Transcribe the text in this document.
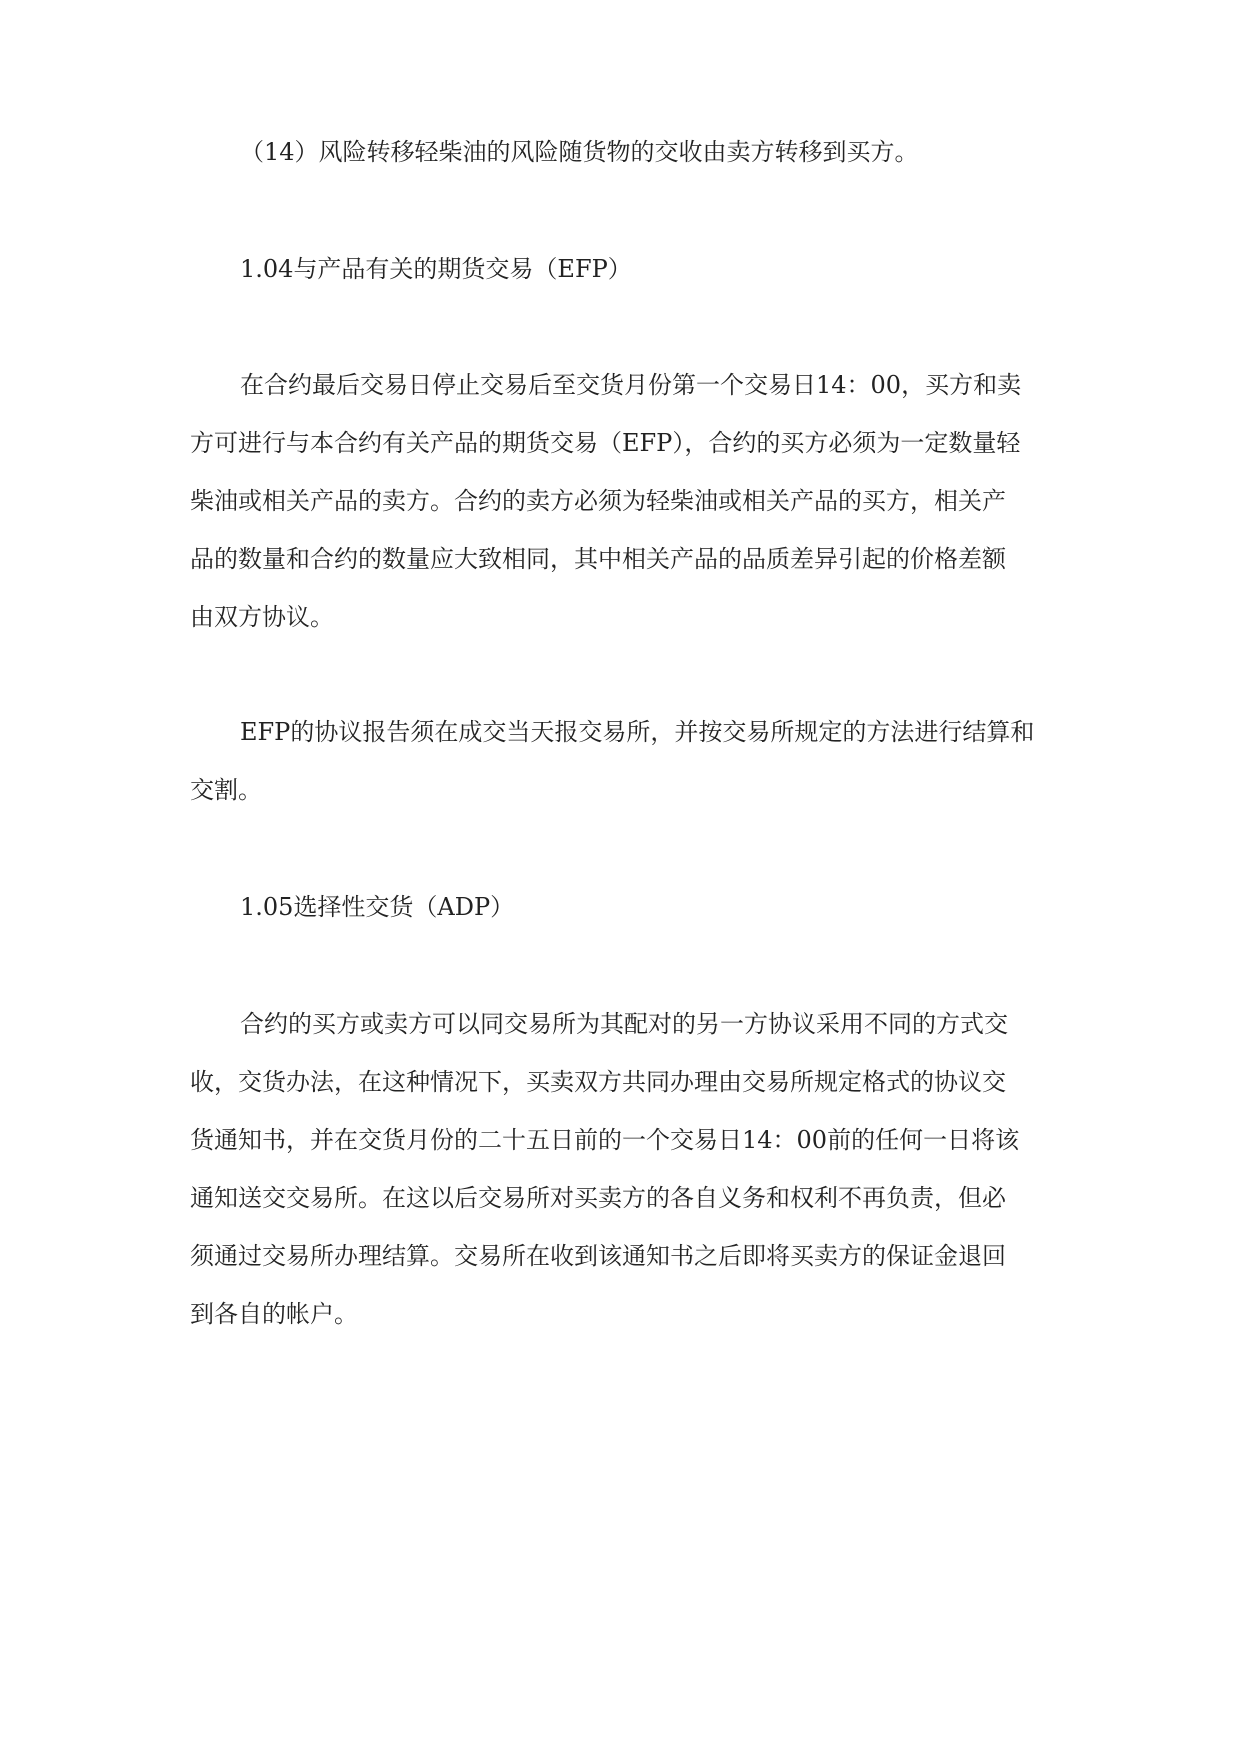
（14）风险转移轻柴油的风险随货物的交收由卖方转移到买方。
1.04与产品有关的期货交易（EFP）
在合约最后交易日停止交易后至交货月份第一个交易日14：00，买方和卖
方可进行与本合约有关产品的期货交易（EFP），合约的买方必须为一定数量轻
柴油或相关产品的卖方。合约的卖方必须为轻柴油或相关产品的买方，相关产
品的数量和合约的数量应大致相同，其中相关产品的品质差异引起的价格差额
由双方协议。
EFP的协议报告须在成交当天报交易所，并按交易所规定的方法进行结算和
交割。
1.05选择性交货（ADP）
合约的买方或卖方可以同交易所为其配对的另一方协议采用不同的方式交
收，交货办法，在这种情况下，买卖双方共同办理由交易所规定格式的协议交
货通知书，并在交货月份的二十五日前的一个交易日14：00前的任何一日将该
通知送交交易所。在这以后交易所对买卖方的各自义务和权利不再负责，但必
须通过交易所办理结算。交易所在收到该通知书之后即将买卖方的保证金退回
到各自的帐户。
